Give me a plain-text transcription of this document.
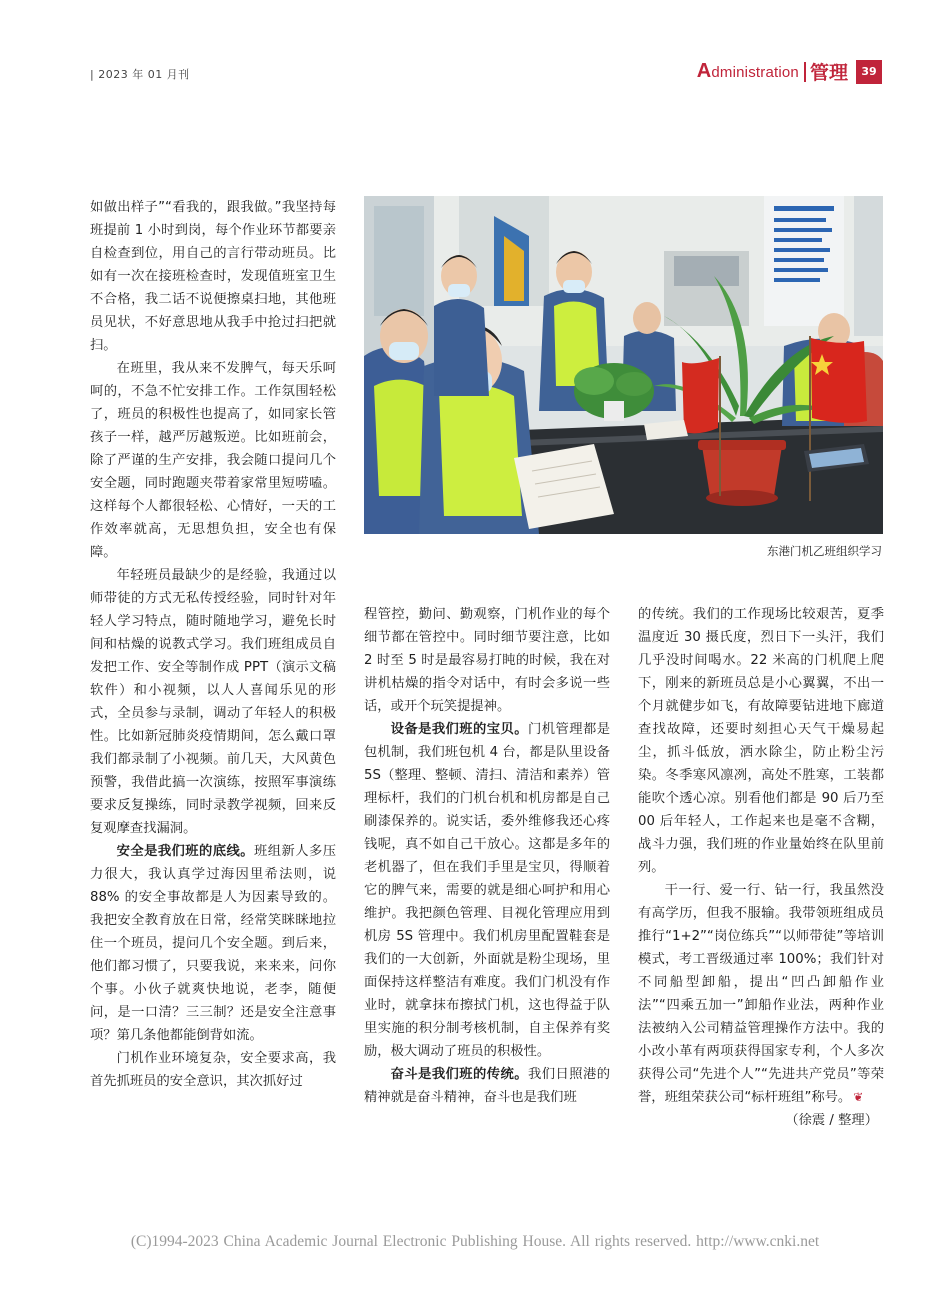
| 2023 年 01 月刊	Administration 管理	39

如做出样子”“看我的，跟我做。”我坚持每班提前 1 小时到岗，每个作业环节都要亲自检查到位，用自己的言行带动班员。比如有一次在接班检查时，发现值班室卫生不合格，我二话不说便擦桌扫地，其他班员见状，不好意思地从我手中抢过扫把就扫。

在班里，我从来不发脾气，每天乐呵呵的，不急不忙安排工作。工作氛围轻松了，班员的积极性也提高了，如同家长管孩子一样，越严厉越叛逆。比如班前会，除了严谨的生产安排，我会随口提问几个安全题，同时跑题夹带着家常里短唠嗑。这样每个人都很轻松、心情好，一天的工作效率就高，无思想负担，安全也有保障。

年轻班员最缺少的是经验，我通过以师带徒的方式无私传授经验，同时针对年轻人学习特点，随时随地学习，避免长时间和枯燥的说教式学习。我们班组成员自发把工作、安全等制作成 PPT（演示文稿软件）和小视频，以人人喜闻乐见的形式，全员参与录制，调动了年轻人的积极性。比如新冠肺炎疫情期间，怎么戴口罩我们都录制了小视频。前几天，大风黄色预警，我借此搞一次演练，按照军事演练要求反复操练，同时录教学视频，回来反复观摩查找漏洞。

安全是我们班的底线。班组新人多压力很大，我认真学过海因里希法则，说 88% 的安全事故都是人为因素导致的。我把安全教育放在日常，经常笑眯眯地拉住一个班员，提问几个安全题。到后来，他们都习惯了，只要我说，来来来，问你个事。小伙子就爽快地说，老李，随便问，是一口清？三三制？还是安全注意事项？第几条他都能倒背如流。

门机作业环境复杂，安全要求高，我首先抓班员的安全意识，其次抓好过

东港门机乙班组织学习

程管控，勤问、勤观察，门机作业的每个细节都在管控中。同时细节要注意，比如 2 时至 5 时是最容易打盹的时候，我在对讲机枯燥的指令对话中，有时会多说一些话，或开个玩笑提提神。

设备是我们班的宝贝。门机管理都是包机制，我们班包机 4 台，都是队里设备 5S（整理、整顿、清扫、清洁和素养）管理标杆，我们的门机台机和机房都是自己刷漆保养的。说实话，委外维修我还心疼钱呢，真不如自己干放心。这都是多年的老机器了，但在我们手里是宝贝，得顺着它的脾气来，需要的就是细心呵护和用心维护。我把颜色管理、目视化管理应用到机房 5S 管理中。我们机房里配置鞋套是我们的一大创新，外面就是粉尘现场，里面保持这样整洁有难度。我们门机没有作业时，就拿抹布擦拭门机，这也得益于队里实施的积分制考核机制，自主保养有奖励，极大调动了班员的积极性。

奋斗是我们班的传统。我们日照港的精神就是奋斗精神，奋斗也是我们班

的传统。我们的工作现场比较艰苦，夏季温度近 30 摄氏度，烈日下一头汗，我们几乎没时间喝水。22 米高的门机爬上爬下，刚来的新班员总是小心翼翼，不出一个月就健步如飞，有故障要钻进地下廊道查找故障，还要时刻担心天气干燥易起尘，抓斗低放，洒水除尘，防止粉尘污染。冬季寒风凛冽，高处不胜寒，工装都能吹个透心凉。别看他们都是 90 后乃至 00 后年轻人，工作起来也是毫不含糊，战斗力强，我们班的作业量始终在队里前列。

干一行、爱一行、钻一行，我虽然没有高学历，但我不服输。我带领班组成员推行“1+2”“岗位练兵”“以师带徒”等培训模式，考工晋级通过率 100%；我们针对不同船型卸船，提出“凹凸卸船作业法”“四乘五加一”卸船作业法，两种作业法被纳入公司精益管理操作方法中。我的小改小革有两项获得国家专利，个人多次获得公司“先进个人”“先进共产党员”等荣誉，班组荣获公司“标杆班组”称号。 ❦

（徐震 / 整理）

(C)1994-2023 China Academic Journal Electronic Publishing House. All rights reserved. http://www.cnki.net
